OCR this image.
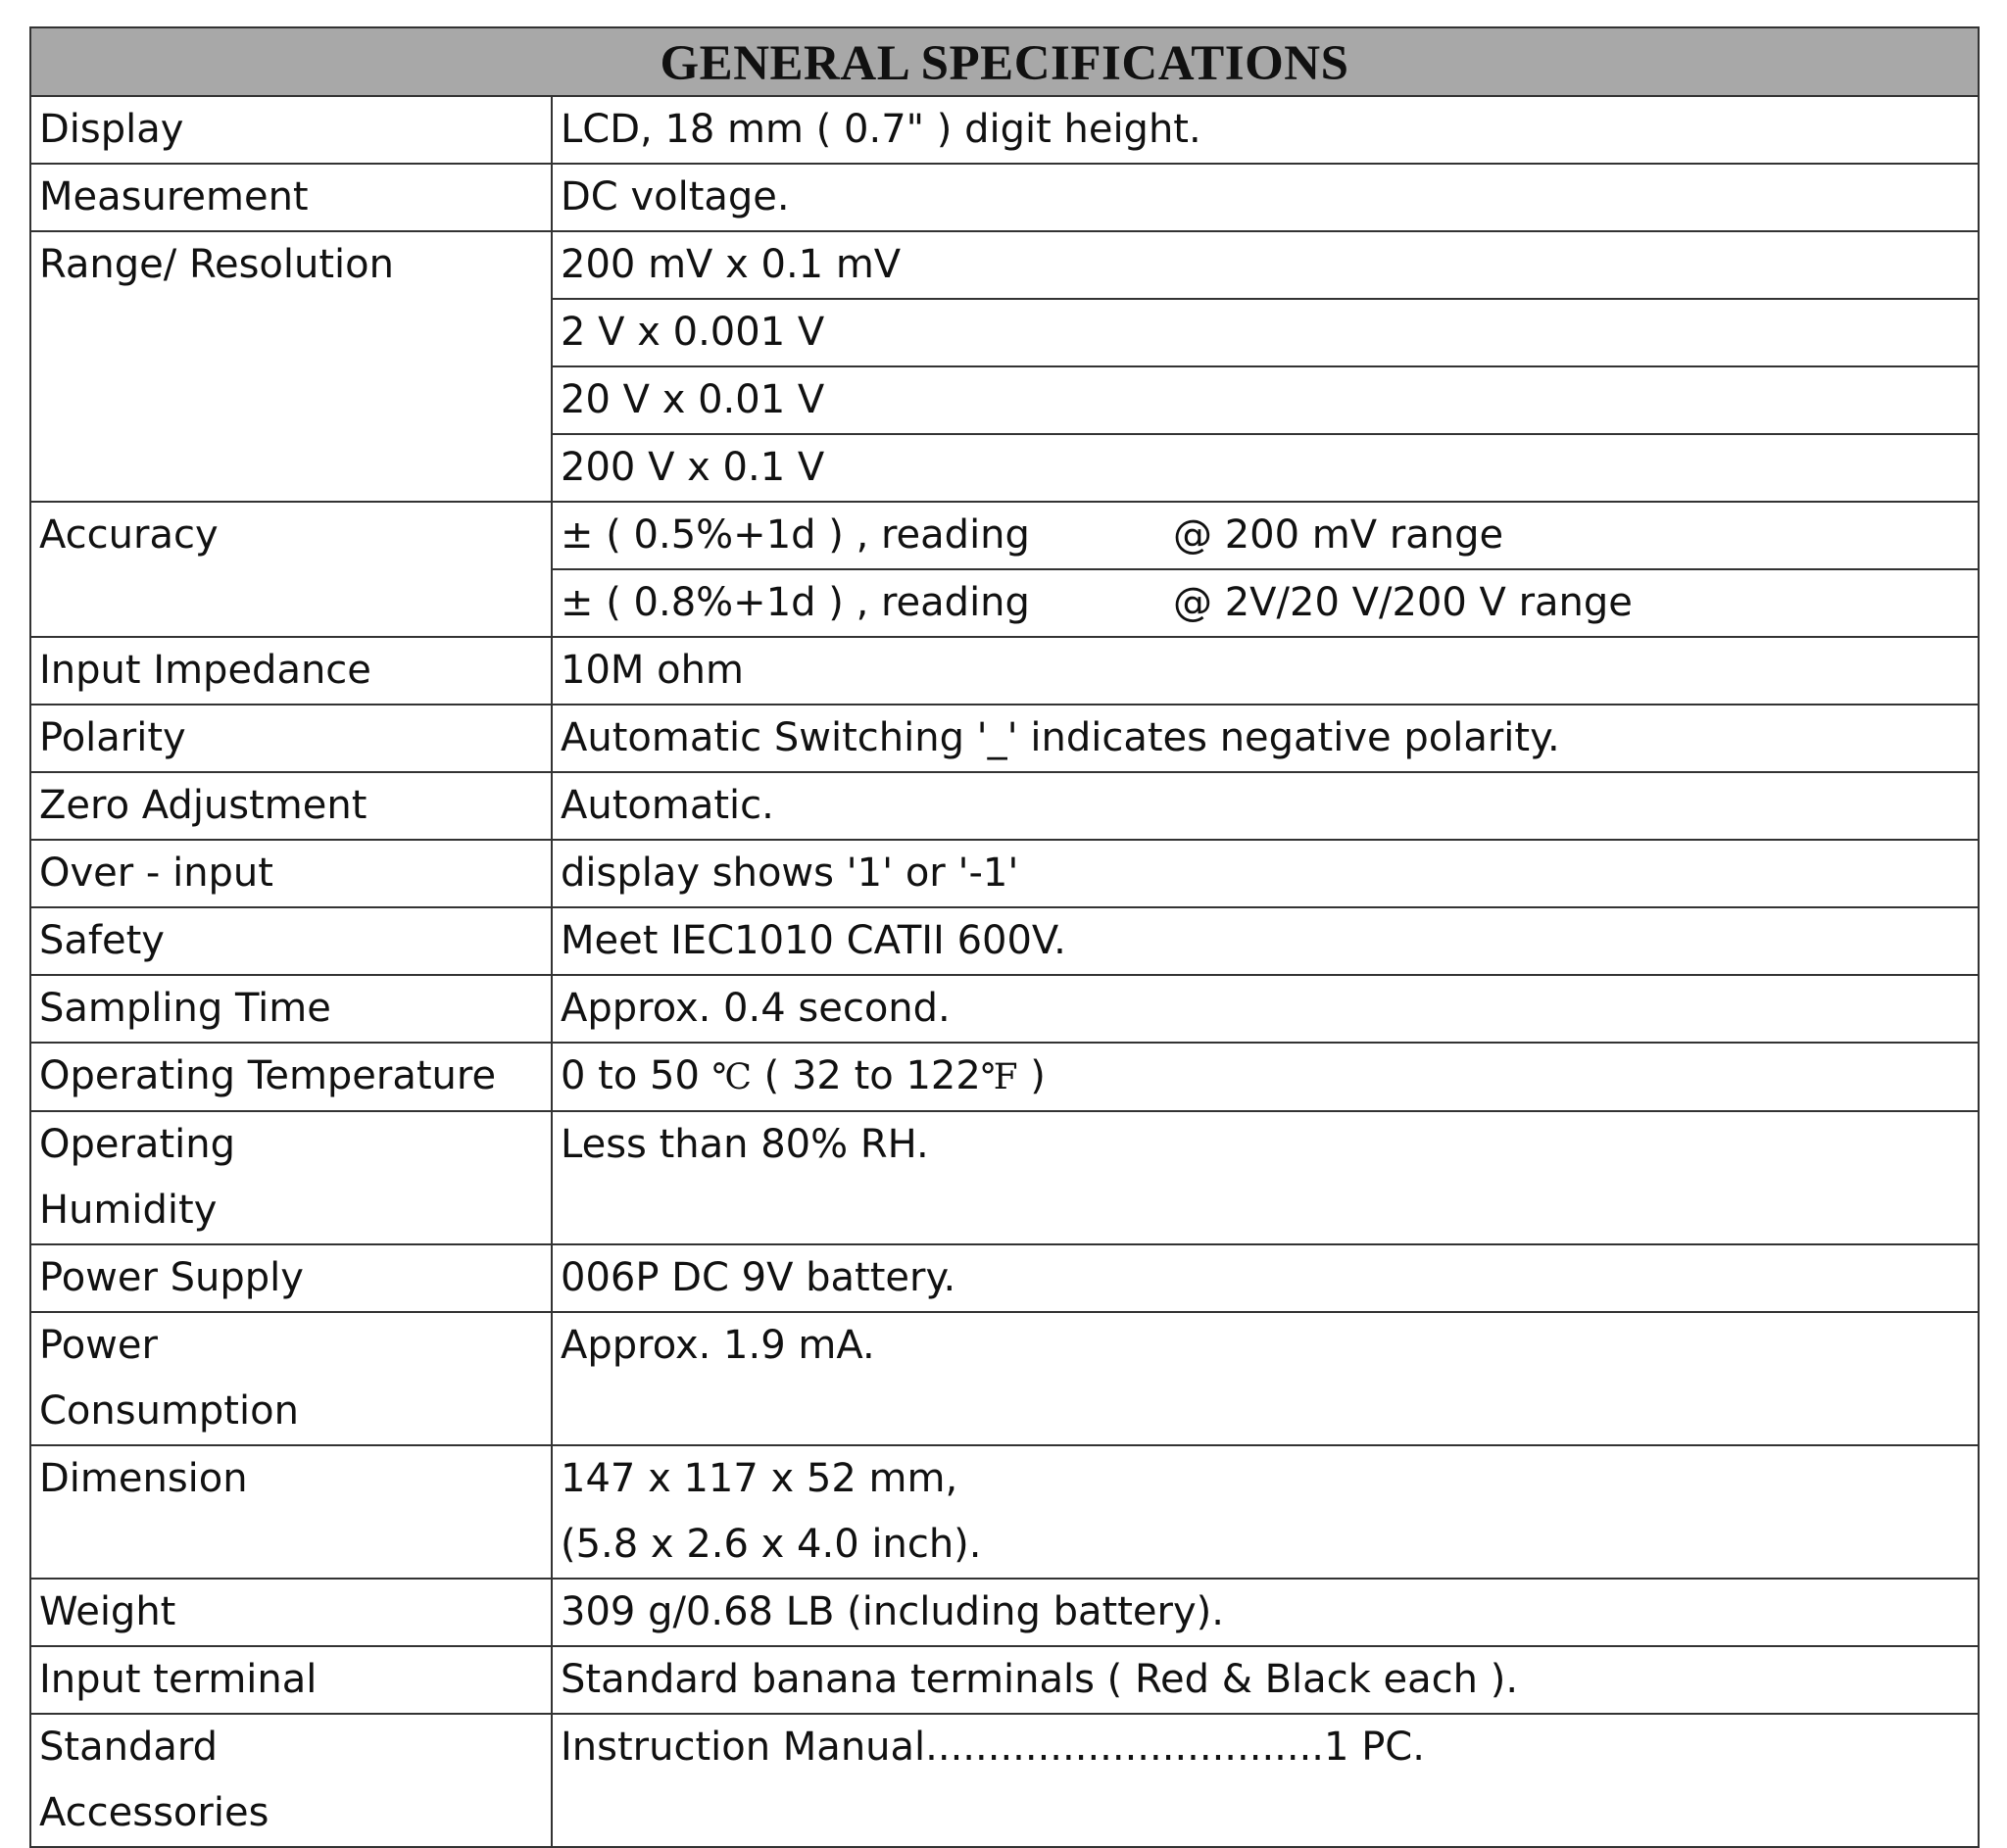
GENERAL SPECIFICATIONS	
Display	LCD, 18 mm ( 0.7" ) digit height.
Measurement	DC voltage.
Range/ Resolution	200 mV x 0.1 mV
	2 V x 0.001 V
	20 V x 0.01 V
	200 V x 0.1 V
Accuracy	± ( 0.5%+1d ) , reading @ 200 mV range
	± ( 0.8%+1d ) , reading @ 2V/20 V/200 V range
Input Impedance	10M ohm
Polarity	Automatic Switching '_' indicates negative polarity.
Zero Adjustment	Automatic.
Over - input	display shows '1' or '-1'
Safety	Meet IEC1010 CATII 600V.
Sampling Time	Approx. 0.4 second.
Operating Temperature	0 to 50 ℃ ( 32 to 122℉ )

Operating
Humidity	Less than 80% RH.
Power Supply	006P DC 9V battery.

Power
Consumption	Approx. 1.9 mA.
Dimension	147 x 117 x 52 mm,
(5.8 x 2.6 x 4.0 inch).

Weight	309 g/0.68 LB (including battery).
Input terminal	Standard banana terminals ( Red & Black each ).

Standard
Accessories	Instruction Manual................................1 PC.
